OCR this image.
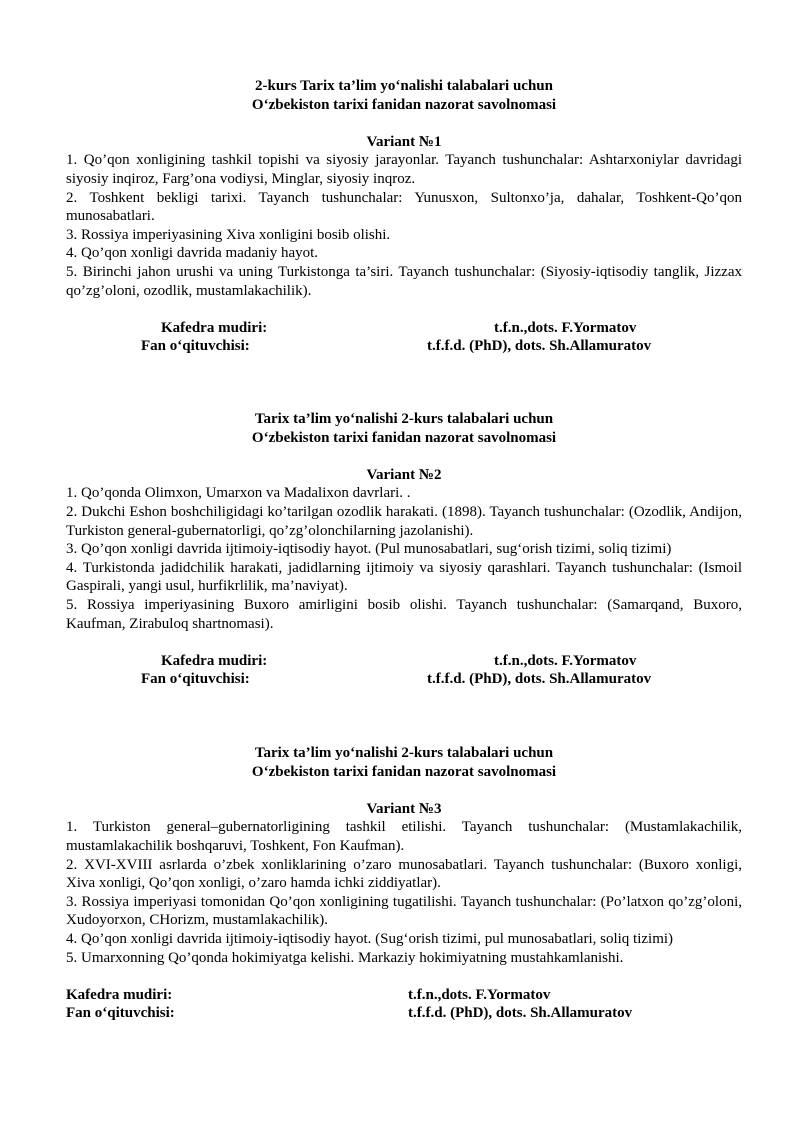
2-kurs Tarix ta’lim yo‘nalishi talabalari uchun

O‘zbekiston tarixi fanidan nazorat savolnomasi

Variant №1

1. Qo’qon xonligining tashkil topishi va siyosiy jarayonlar. Tayanch tushunchalar: Ashtarxoniylar davridagi siyosiy inqiroz, Farg’ona vodiysi, Minglar, siyosiy inqroz.
2. Toshkent bekligi tarixi. Tayanch tushunchalar: Yunusxon, Sultonxo’ja, dahalar, Toshkent-Qo’qon munosabatlari.
3. Rossiya imperiyasining Xiva xonligini bosib olishi.
4. Qo’qon xonligi davrida madaniy hayot.
5. Birinchi jahon urushi va uning Turkistonga ta’siri. Tayanch tushunchalar: (Siyosiy-iqtisodiy tanglik, Jizzax qo’zg’oloni, ozodlik, mustamlakachilik).
Kafedra mudiri:	t.f.n.,dots. F.Yormatov
Fan o‘qituvchisi:	t.f.f.d. (PhD), dots. Sh.Allamuratov

Tarix ta’lim yo‘nalishi 2-kurs talabalari uchun

O‘zbekiston tarixi fanidan nazorat savolnomasi

Variant №2

1. Qo’qonda Olimxon, Umarxon va Madalixon davrlari. .
2. Dukchi Eshon boshchiligidagi ko’tarilgan ozodlik harakati. (1898). Tayanch tushunchalar: (Ozodlik, Andijon, Turkiston general-gubernatorligi, qo’zg’olonchilarning jazolanishi).
3. Qo’qon xonligi davrida ijtimoiy-iqtisodiy hayot. (Pul munosabatlari, sug‘orish tizimi, soliq tizimi)
4. Turkistonda jadidchilik harakati, jadidlarning ijtimoiy va siyosiy qarashlari. Tayanch tushunchalar: (Ismoil Gaspirali, yangi usul, hurfikrlilik, ma’naviyat).
5. Rossiya imperiyasining Buxoro amirligini bosib olishi. Tayanch tushunchalar: (Samarqand, Buxoro, Kaufman, Zirabuloq shartnomasi).
Kafedra mudiri:	t.f.n.,dots. F.Yormatov
Fan o‘qituvchisi:	t.f.f.d. (PhD), dots. Sh.Allamuratov

Tarix ta’lim yo‘nalishi 2-kurs talabalari uchun

O‘zbekiston tarixi fanidan nazorat savolnomasi

Variant №3

1. Turkiston general–gubernatorligining tashkil etilishi. Tayanch tushunchalar: (Mustamlakachilik, mustamlakachilik boshqaruvi, Toshkent, Fon Kaufman).
2. XVI-XVIII asrlarda o’zbek xonliklarining o’zaro munosabatlari. Tayanch tushunchalar: (Buxoro xonligi, Xiva xonligi, Qo’qon xonligi, o’zaro hamda ichki ziddiyatlar).
3. Rossiya imperiyasi tomonidan Qo’qon xonligining tugatilishi. Tayanch tushunchalar: (Po’latxon qo’zg’oloni, Xudoyorxon, CHorizm, mustamlakachilik).
4. Qo’qon xonligi davrida ijtimoiy-iqtisodiy hayot. (Sug‘orish tizimi, pul munosabatlari, soliq tizimi)
5. Umarxonning Qo’qonda hokimiyatga kelishi. Markaziy hokimiyatning mustahkamlanishi.
Kafedra mudiri:	t.f.n.,dots. F.Yormatov
Fan o‘qituvchisi:	t.f.f.d. (PhD), dots. Sh.Allamuratov
